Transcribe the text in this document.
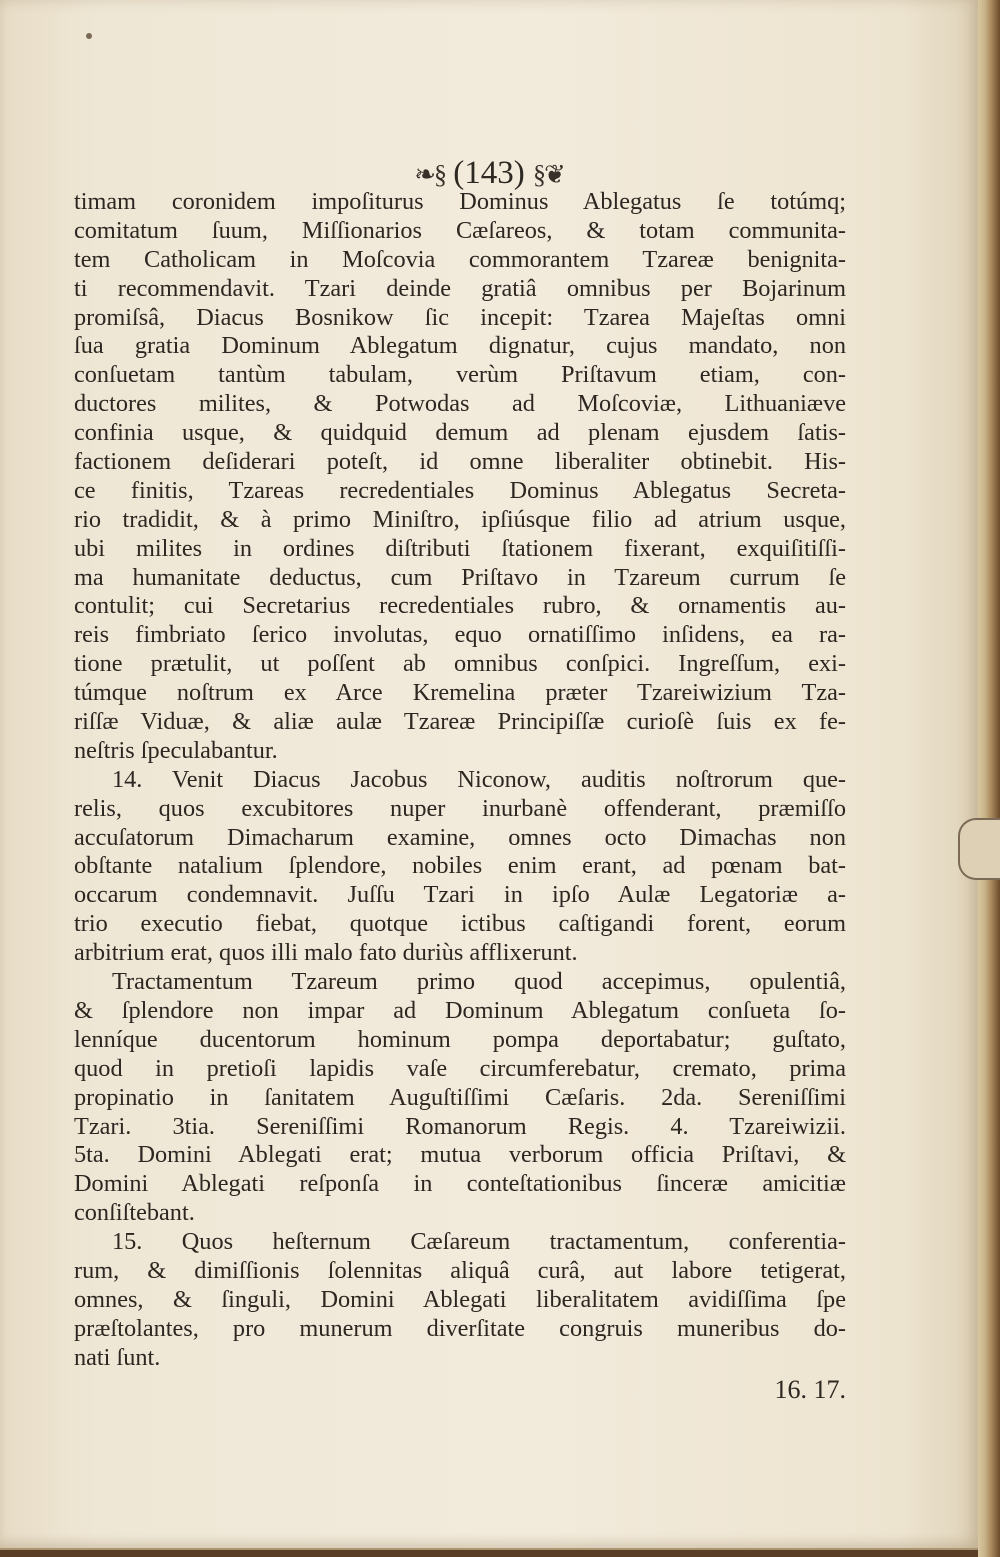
❧§ (143) §❦
timam coronidem impoſiturus Dominus Ablegatus ſe totúmq;
comitatum ſuum, Miſſionarios Cæſareos, & totam communita-
tem Catholicam in Moſcovia commorantem Tzareæ benignita-
ti recommendavit. Tzari deinde gratiâ omnibus per Bojarinum
promiſsâ, Diacus Bosnikow ſic incepit: Tzarea Majeſtas omni
ſua gratia Dominum Ablegatum dignatur, cujus mandato, non
conſuetam tantùm tabulam, verùm Priſtavum etiam, con-
ductores milites, & Potwodas ad Moſcoviæ, Lithuaniæve
confinia usque, & quidquid demum ad plenam ejusdem ſatis-
factionem deſiderari poteſt, id omne liberaliter obtinebit. His-
ce finitis, Tzareas recredentiales Dominus Ablegatus Secreta-
rio tradidit, & à primo Miniſtro, ipſiúsque filio ad atrium usque,
ubi milites in ordines diſtributi ſtationem fixerant, exquiſitiſſi-
ma humanitate deductus, cum Priſtavo in Tzareum currum ſe
contulit; cui Secretarius recredentiales rubro, & ornamentis au-
reis fimbriato ſerico involutas, equo ornatiſſimo inſidens, ea ra-
tione prætulit, ut poſſent ab omnibus conſpici. Ingreſſum, exi-
túmque noſtrum ex Arce Kremelina præter Tzareiwizium Tza-
riſſæ Viduæ, & aliæ aulæ Tzareæ Principiſſæ curioſè ſuis ex fe-
neſtris ſpeculabantur.
14. Venit Diacus Jacobus Niconow, auditis noſtrorum que-
relis, quos excubitores nuper inurbanè offenderant, præmiſſo
accuſatorum Dimacharum examine, omnes octo Dimachas non
obſtante natalium ſplendore, nobiles enim erant, ad pœnam bat-
occarum condemnavit. Juſſu Tzari in ipſo Aulæ Legatoriæ a-
trio executio fiebat, quotque ictibus caſtigandi forent, eorum
arbitrium erat, quos illi malo fato duriùs afflixerunt.
Tractamentum Tzareum primo quod accepimus, opulentiâ,
& ſplendore non impar ad Dominum Ablegatum conſueta ſo-
lenníque ducentorum hominum pompa deportabatur; guſtato,
quod in pretioſi lapidis vaſe circumferebatur, cremato, prima
propinatio in ſanitatem Auguſtiſſimi Cæſaris. 2da. Sereniſſimi
Tzari. 3tia. Sereniſſimi Romanorum Regis. 4. Tzareiwizii.
5ta. Domini Ablegati erat; mutua verborum officia Priſtavi, &
Domini Ablegati reſponſa in conteſtationibus ſinceræ amicitiæ
conſiſtebant.
15. Quos heſternum Cæſareum tractamentum, conferentia-
rum, & dimiſſionis ſolennitas aliquâ curâ, aut labore tetigerat,
omnes, & ſinguli, Domini Ablegati liberalitatem avidiſſima ſpe
præſtolantes, pro munerum diverſitate congruis muneribus do-
nati ſunt.
16. 17.
